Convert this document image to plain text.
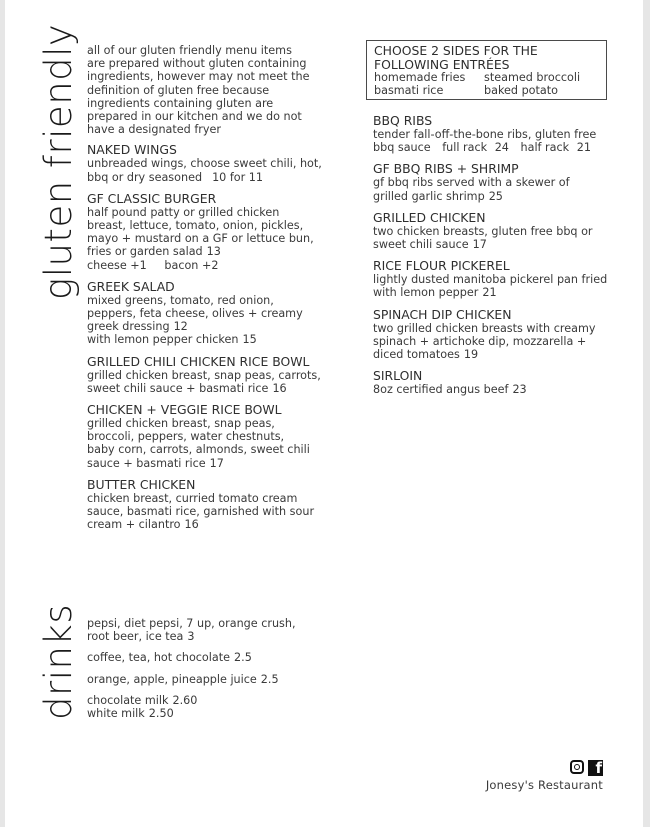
gluten friendly
drinks
all of our gluten friendly menu items
are prepared without gluten containing
ingredients, however may not meet the
definition of gluten free because
ingredients containing gluten are
prepared in our kitchen and we do not
have a designated fryer
NAKED WINGS
unbreaded wings, choose sweet chili, hot,
bbq or dry seasoned 10 for 11
GF CLASSIC BURGER
half pound patty or grilled chicken
breast, lettuce, tomato, onion, pickles,
mayo + mustard on a GF or lettuce bun,
fries or garden salad 13
cheese +1 bacon +2
GREEK SALAD
mixed greens, tomato, red onion,
peppers, feta cheese, olives + creamy
greek dressing 12
with lemon pepper chicken 15
GRILLED CHILI CHICKEN RICE BOWL
grilled chicken breast, snap peas, carrots,
sweet chili sauce + basmati rice 16
CHICKEN + VEGGIE RICE BOWL
grilled chicken breast, snap peas,
broccoli, peppers, water chestnuts,
baby corn, carrots, almonds, sweet chili
sauce + basmati rice 17
BUTTER CHICKEN
chicken breast, curried tomato cream
sauce, basmati rice, garnished with sour
cream + cilantro 16
CHOOSE 2 SIDES FOR THE
FOLLOWING ENTRÉES
homemade fries	steamed broccoli
basmati rice	baked potato
BBQ RIBS
tender fall-off-the-bone ribs, gluten free
bbq sauce full rack 24 half rack 21
GF BBQ RIBS + SHRIMP
gf bbq ribs served with a skewer of
grilled garlic shrimp 25
GRILLED CHICKEN
two chicken breasts, gluten free bbq or
sweet chili sauce 17
RICE FLOUR PICKEREL
lightly dusted manitoba pickerel pan fried
with lemon pepper 21
SPINACH DIP CHICKEN
two grilled chicken breasts with creamy
spinach + artichoke dip, mozzarella +
diced tomatoes 19
SIRLOIN
8oz certified angus beef 23
pepsi, diet pepsi, 7 up, orange crush,
root beer, ice tea 3
coffee, tea, hot chocolate 2.5
orange, apple, pineapple juice 2.5
chocolate milk 2.60
white milk 2.50
f
Jonesy's Restaurant
